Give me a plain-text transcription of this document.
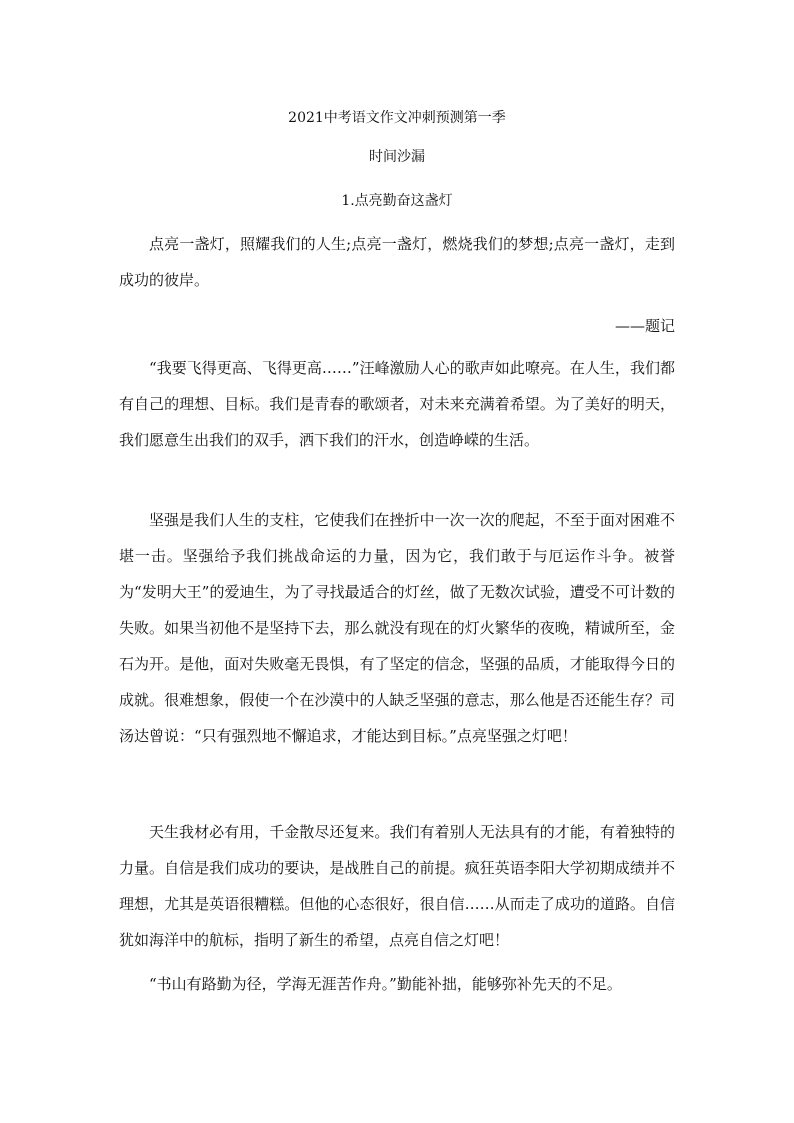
2021中考语文作文冲刺预测第一季
时间沙漏
1.点亮勤奋这盏灯

点亮一盏灯，照耀我们的人生;点亮一盏灯，燃烧我们的梦想;点亮一盏灯，走到成功的彼岸。

——题记

“我要飞得更高、飞得更高……”汪峰激励人心的歌声如此嘹亮。在人生，我们都有自己的理想、目标。我们是青春的歌颂者，对未来充满着希望。为了美好的明天，我们愿意生出我们的双手，洒下我们的汗水，创造峥嵘的生活。

坚强是我们人生的支柱，它使我们在挫折中一次一次的爬起，不至于面对困难不堪一击。坚强给予我们挑战命运的力量，因为它，我们敢于与厄运作斗争。被誉为“发明大王”的爱迪生，为了寻找最适合的灯丝，做了无数次试验，遭受不可计数的失败。如果当初他不是坚持下去，那么就没有现在的灯火繁华的夜晚，精诚所至，金石为开。是他，面对失败毫无畏惧，有了坚定的信念，坚强的品质，才能取得今日的成就。很难想象，假使一个在沙漠中的人缺乏坚强的意志，那么他是否还能生存？司汤达曾说：“只有强烈地不懈追求，才能达到目标。”点亮坚强之灯吧！

天生我材必有用，千金散尽还复来。我们有着别人无法具有的才能，有着独特的力量。自信是我们成功的要诀，是战胜自己的前提。疯狂英语李阳大学初期成绩并不理想，尤其是英语很糟糕。但他的心态很好，很自信……从而走了成功的道路。自信犹如海洋中的航标，指明了新生的希望，点亮自信之灯吧！

“书山有路勤为径，学海无涯苦作舟。”勤能补拙，能够弥补先天的不足。
